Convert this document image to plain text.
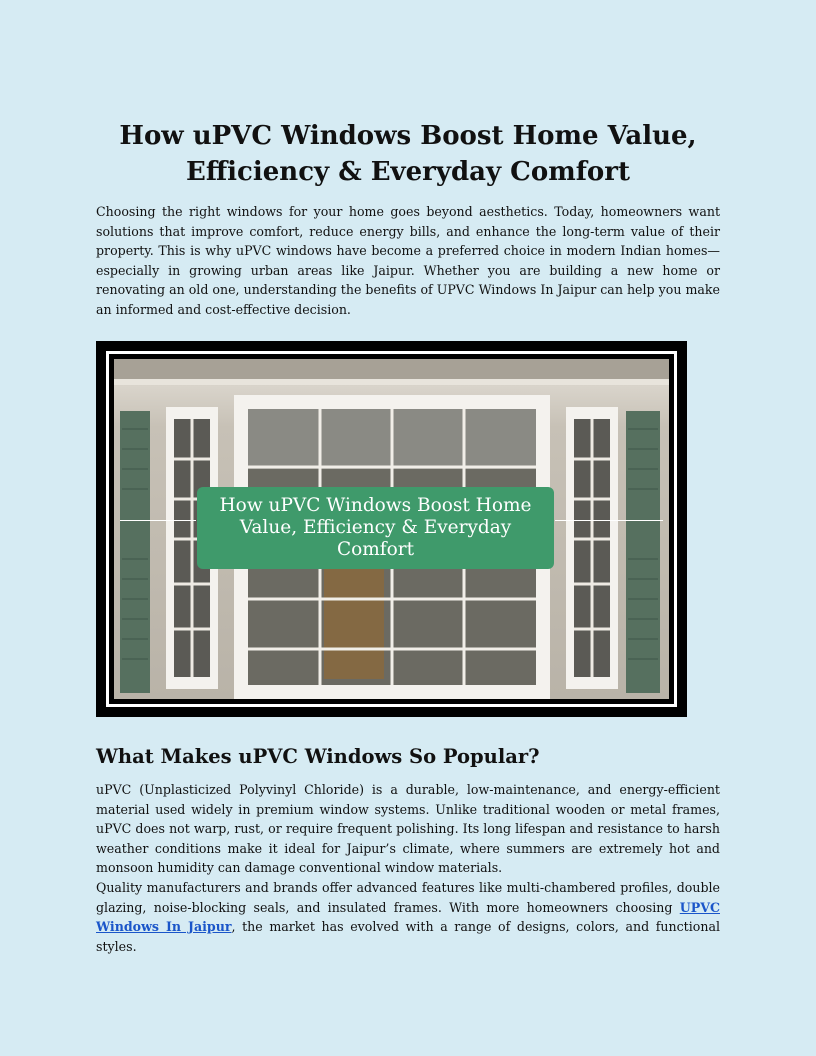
How uPVC Windows Boost Home Value, Efficiency & Everyday Comfort

Choosing the right windows for your home goes beyond aesthetics. Today, homeowners want solutions that improve comfort, reduce energy bills, and enhance the long-term value of their property. This is why uPVC windows have become a preferred choice in modern Indian homes—especially in growing urban areas like Jaipur. Whether you are building a new home or renovating an old one, understanding the benefits of UPVC Windows In Jaipur can help you make an informed and cost-effective decision.

How uPVC Windows Boost Home Value, Efficiency & Everyday Comfort
What Makes uPVC Windows So Popular?

uPVC (Unplasticized Polyvinyl Chloride) is a durable, low-maintenance, and energy-efficient material used widely in premium window systems. Unlike traditional wooden or metal frames, uPVC does not warp, rust, or require frequent polishing. Its long lifespan and resistance to harsh weather conditions make it ideal for Jaipur’s climate, where summers are extremely hot and monsoon humidity can damage conventional window materials.

Quality manufacturers and brands offer advanced features like multi-chambered profiles, double glazing, noise-blocking seals, and insulated frames. With more homeowners choosing UPVC Windows In Jaipur, the market has evolved with a range of designs, colors, and functional styles.
